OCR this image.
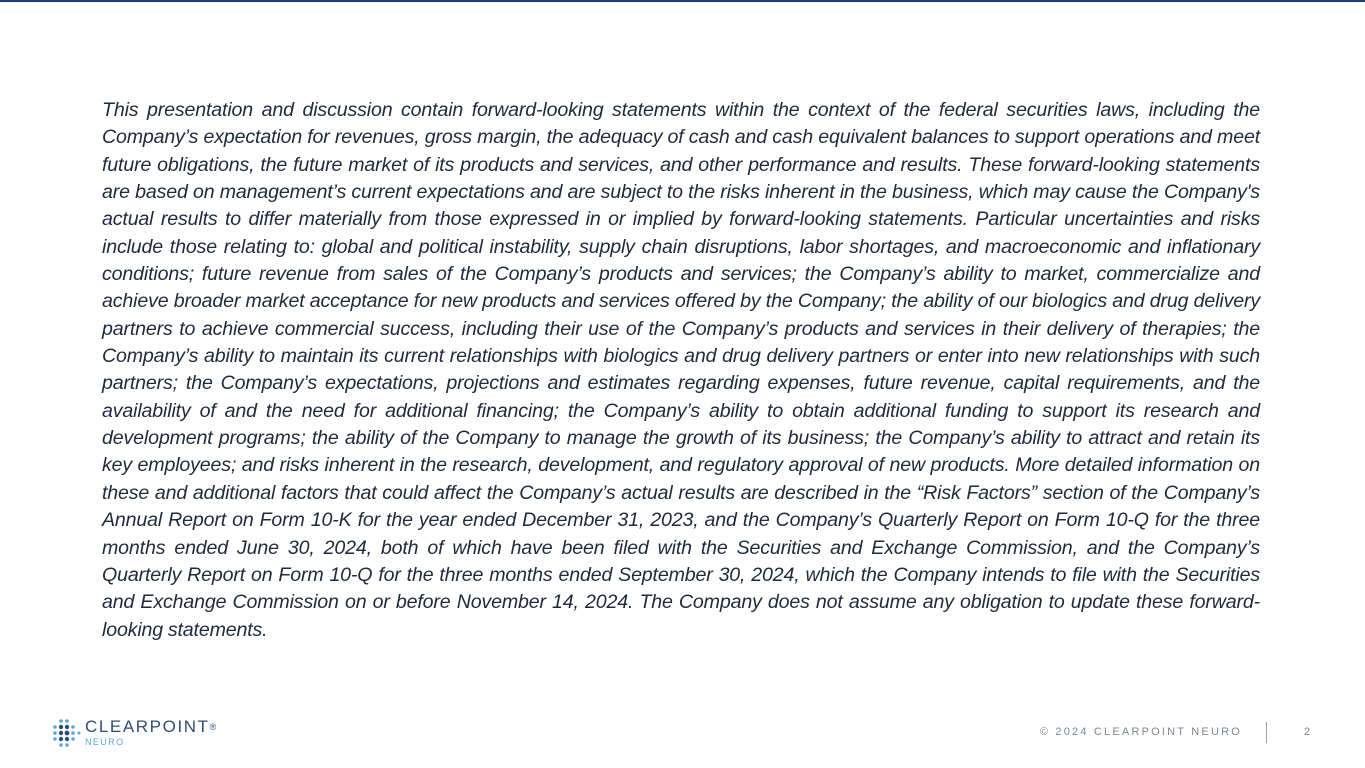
This presentation and discussion contain forward-looking statements within the context of the federal securities laws, including the Company’s expectation for revenues, gross margin, the adequacy of cash and cash equivalent balances to support operations and meet future obligations, the future market of its products and services, and other performance and results. These forward-looking statements are based on management’s current expectations and are subject to the risks inherent in the business, which may cause the Company's actual results to differ materially from those expressed in or implied by forward-looking statements. Particular uncertainties and risks include those relating to: global and political instability, supply chain disruptions, labor shortages, and macroeconomic and inflationary conditions; future revenue from sales of the Company’s products and services; the Company’s ability to market, commercialize and achieve broader market acceptance for new products and services offered by the Company; the ability of our biologics and drug delivery partners to achieve commercial success, including their use of the Company’s products and services in their delivery of therapies; the Company’s ability to maintain its current relationships with biologics and drug delivery partners or enter into new relationships with such partners; the Company’s expectations, projections and estimates regarding expenses, future revenue, capital requirements, and the availability of and the need for additional financing; the Company’s ability to obtain additional funding to support its research and development programs; the ability of the Company to manage the growth of its business; the Company’s ability to attract and retain its key employees; and risks inherent in the research, development, and regulatory approval of new products. More detailed information on these and additional factors that could affect the Company’s actual results are described in the “Risk Factors” section of the Company’s Annual Report on Form 10-K for the year ended December 31, 2023, and the Company’s Quarterly Report on Form 10-Q for the three months ended June 30, 2024, both of which have been filed with the Securities and Exchange Commission, and the Company’s Quarterly Report on Form 10-Q for the three months ended September 30, 2024, which the Company intends to file with the Securities and Exchange Commission on or before November 14, 2024. The Company does not assume any obligation to update these forward-looking statements.

CLEARPOINT®
NEURO
© 2024 CLEARPOINT NEURO	2
